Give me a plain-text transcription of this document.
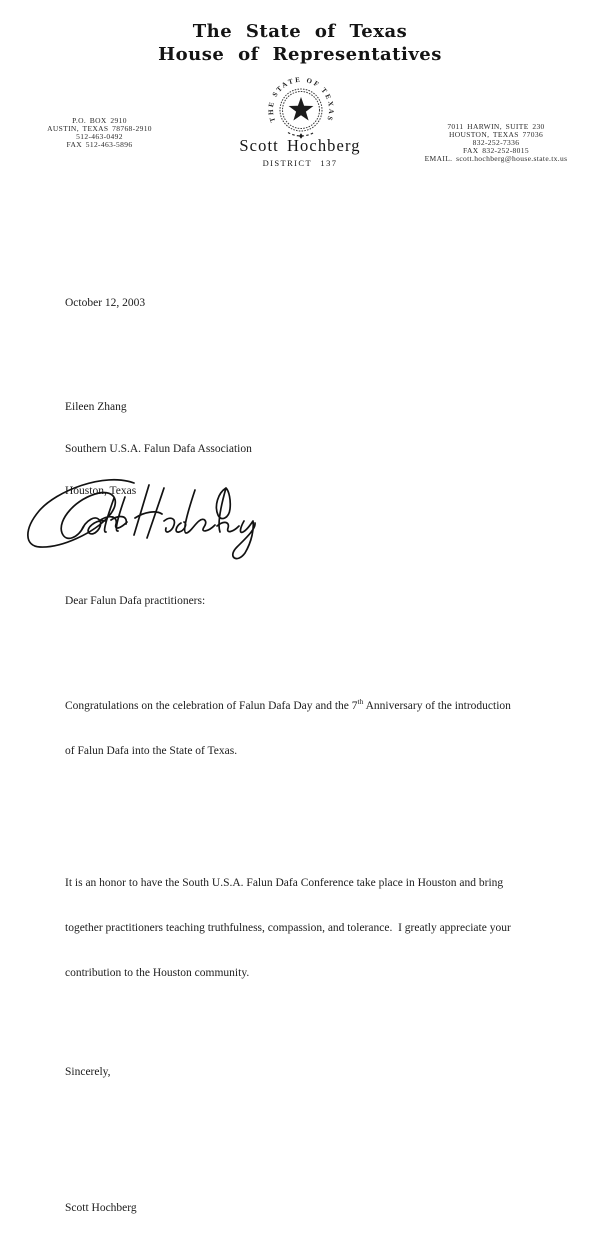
The State of Texas
House of Representatives
THE STATE OF TEXAS
P.O. BOX 2910
AUSTIN, TEXAS 78768-2910
512-463-0492
FAX 512-463-5896	Scott Hochberg
DISTRICT 137
7011 HARWIN, SUITE 230
HOUSTON, TEXAS 77036
832-252-7336
FAX 832-252-8015
EMAIL. scott.hochberg@house.state.tx.us

October 12, 2003

Eileen Zhang

Southern U.S.A. Falun Dafa Association

Houston, Texas

Dear Falun Dafa practitioners:

Congratulations on the celebration of Falun Dafa Day and the 7th Anniversary of the introduction

of Falun Dafa into the State of Texas.

It is an honor to have the South U.S.A. Falun Dafa Conference take place in Houston and bring

together practitioners teaching truthfulness, compassion, and tolerance.  I greatly appreciate your

contribution to the Houston community.

Sincerely,

Scott Hochberg
